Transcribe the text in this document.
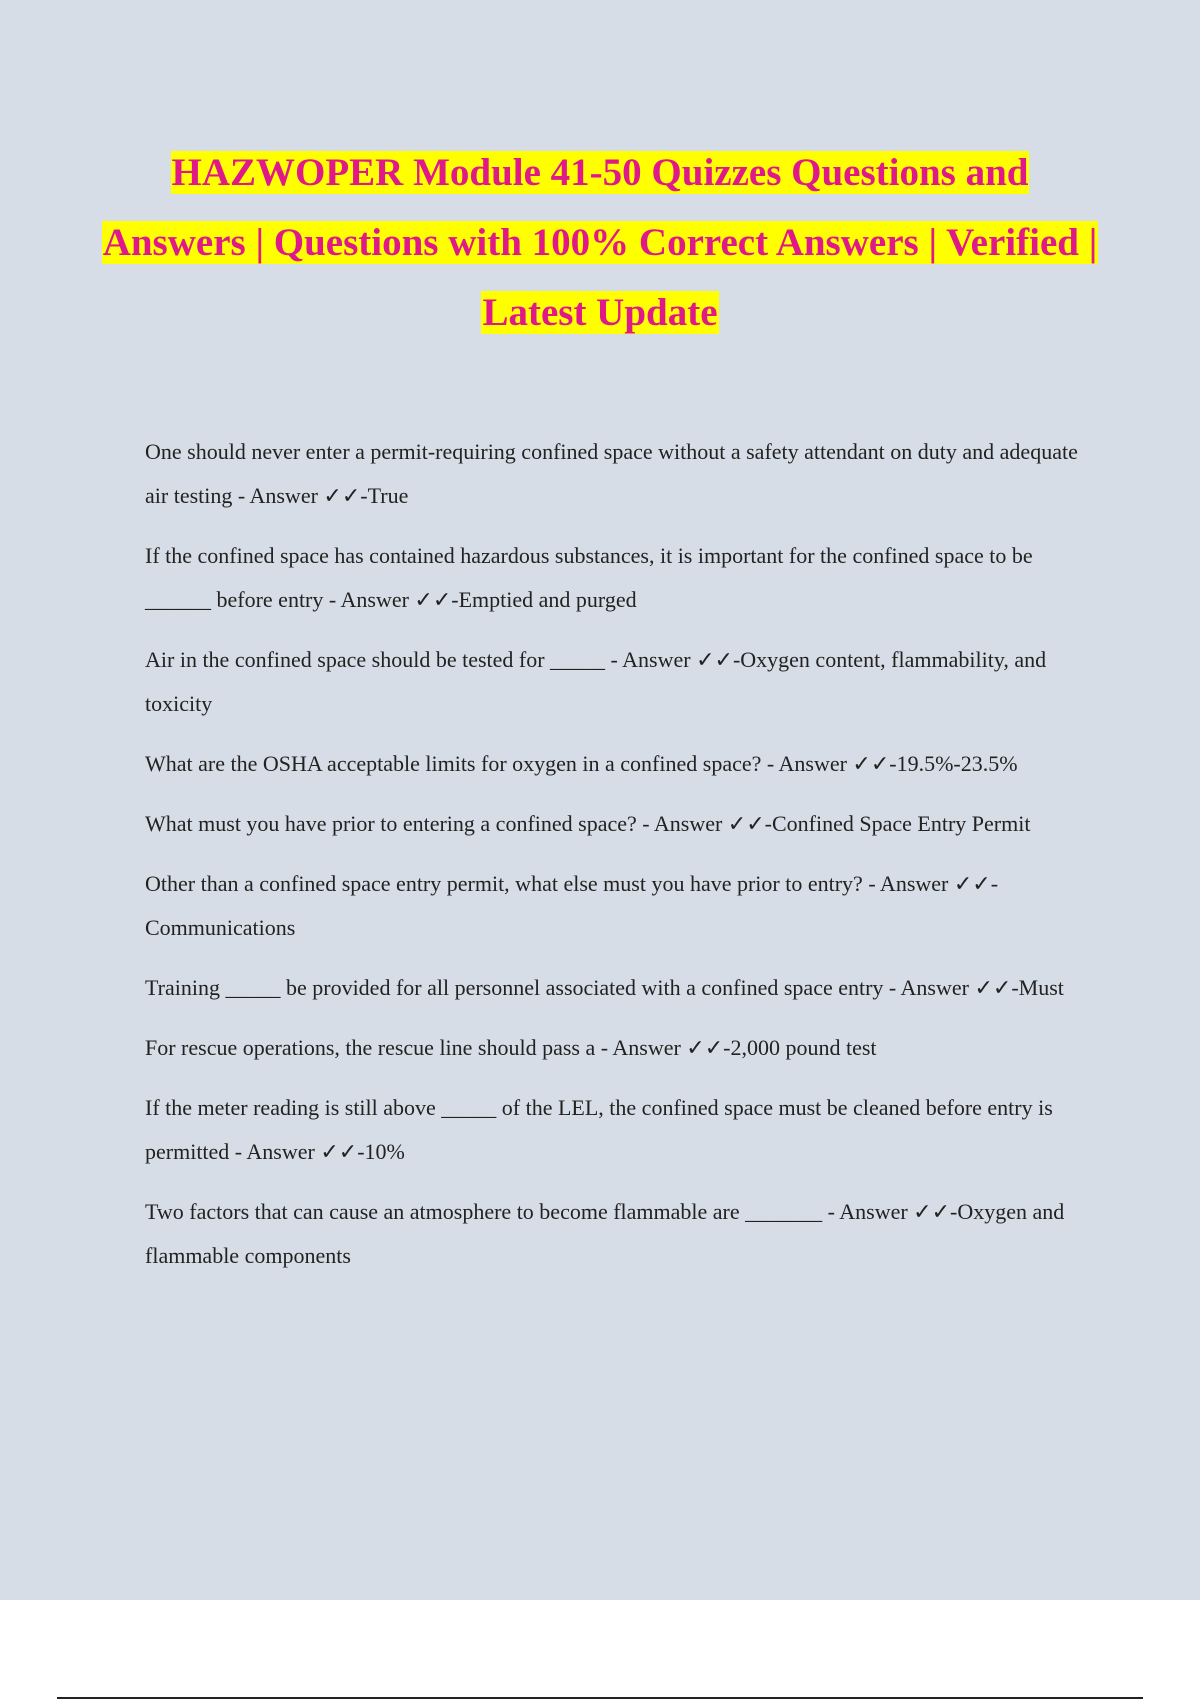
HAZWOPER Module 41-50 Quizzes Questions and Answers | Questions with 100% Correct Answers | Verified | Latest Update

One should never enter a permit-requiring confined space without a safety attendant on duty and adequate air testing - Answer ✓✓-True

If the confined space has contained hazardous substances, it is important for the confined space to be ______ before entry - Answer ✓✓-Emptied and purged

Air in the confined space should be tested for _____ - Answer ✓✓-Oxygen content, flammability, and toxicity

What are the OSHA acceptable limits for oxygen in a confined space? - Answer ✓✓-19.5%-23.5%

What must you have prior to entering a confined space? - Answer ✓✓-Confined Space Entry Permit

Other than a confined space entry permit, what else must you have prior to entry? - Answer ✓✓-Communications

Training _____ be provided for all personnel associated with a confined space entry - Answer ✓✓-Must

For rescue operations, the rescue line should pass a - Answer ✓✓-2,000 pound test

If the meter reading is still above _____ of the LEL, the confined space must be cleaned before entry is permitted - Answer ✓✓-10%

Two factors that can cause an atmosphere to become flammable are _______ - Answer ✓✓-Oxygen and flammable components
